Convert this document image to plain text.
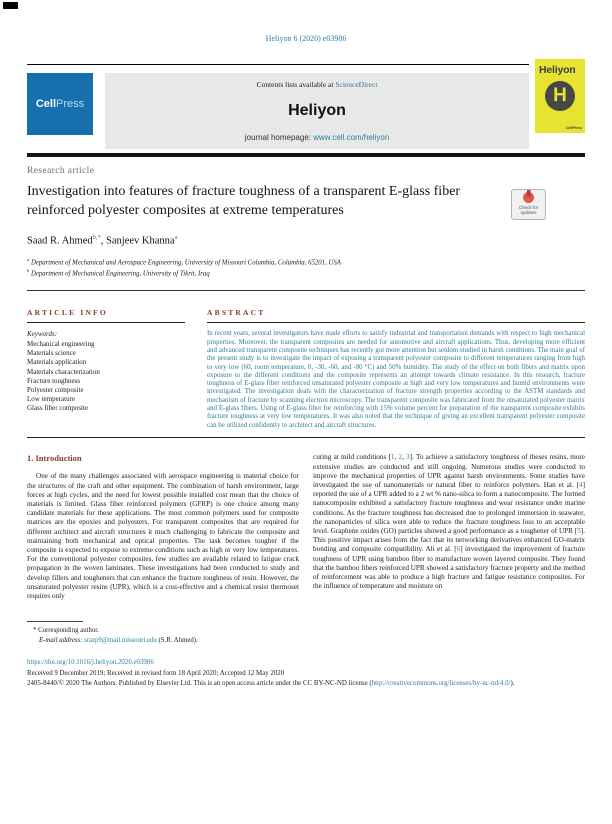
Heliyon 6 (2020) e03986
Cell Press
Contents lists available at ScienceDirect
Heliyon
journal homepage: www.cell.com/heliyon
Heliyon
H
CellPress
Research article
Investigation into features of fracture toughness of a transparent E-glass fiber reinforced polyester composites at extreme temperatures	Check for updates
Saad R. Ahmed$^{b,*}$, Sanjeev Khanna$^a$
$^a$ Department of Mechanical and Aerospace Engineering, University of Missouri Columbia, Columbia, 65201, USA
$^b$ Department of Mechanical Engineering, University of Tikrit, Iraq
ARTICLE INFO
Keywords:
Mechanical engineering
Materials science
Materials application
Materials characterization
Fracture toughness
Polyester composite
Low temperature
Glass fiber composite
ABSTRACT
In recent years, several investigators have made efforts to satisfy industrial and transportation demands with respect to high mechanical properties. Moreover, the transparent composites are needed for automotive and aircraft applications. Thus, developing more efficient and advanced transparent composite techniques has recently got more attention but seldom studied in harsh conditions. The main goal of the present study is to investigate the impact of exposing a transparent polyester composite to different temperatures ranging from high to very low (60, room temperature, 0, -30, -60, and -80 °C) and 50% humidity. The study of the effect on both fibers and matrix upon exposure to the different conditions and the composite represents an attempt towards climate resistance. In this research, fracture toughness of E-glass fiber reinforced unsaturated polyester composite at high and very low temperatures and humid environments were investigated. The investigation deals with the characterization of fracture strength properties according to the ASTM standards and mechanism of fracture by scanning electron microscopy. The transparent composite was fabricated from the unsaturated polyester matrix and E-glass fibers. Using of E-glass fiber for reinforcing with 15% volume percent for preparation of the transparent composite exhibits fracture toughness at very low temperatures. It was also noted that the technique of giving an excellent transparent polyester composite can be utilized confidently to architect and aircraft structures.
1. Introduction
One of the many challenges associated with aerospace engineering is material choice for the structures of the craft and other equipment. The combination of harsh environment, large forces at high cycles, and the need for lowest possible installed cost mean that the choice of materials is limited. Glass fiber reinforced polymers (GFRP) is one choice among many candidate materials for these applications. The most common polymers used for composite matrices are the epoxies and polyesters. For transparent composites that are required for different architect and aircraft structures it much challenging to fabricate the composite and maintaining both mechanical and optical properties. The task becomes tougher if the composite is expected to expose to extreme conditions such as high or very low temperatures. For the conventional polyester composites, few studies are available related to fatigue crack propagation in the woven laminates. These investigations had been conducted to study and develop fillers and tougheners that can enhance the fracture toughness of resin. However, the unsaturated polyester resins (UPR), which is a cost-effective and a chemical resist thermoset requires only
* Corresponding author.
E-mail address: srazp9@mail.missouri.edu (S.R. Ahmed).
curing at mild conditions [1, 2, 3]. To achieve a satisfactory toughness of theses resins, more extensive studies are conducted and still ongoing. Numerous studies were conducted to improve the mechanical properties of UPR against harsh environments. Some studies have investigated the use of nanomaterials or natural fiber to reinforce polymers. Han et al. [4] reported the use of a UPR added to a 2 wt % nano-silica to form a nanocomposite. The formed nanocomposite exhibited a satisfactory fracture toughness and wear resistance under marine conditions. As the fracture toughness has decreased due to prolonged immersion in seawater, the nanoparticles of silica were able to reduce the fracture toughness loss to an acceptable level. Graphene oxides (GO) particles showed a good performance as a toughener of UPR [5]. This positive impact arises from the fact that its networking derivatives enhanced GO-matrix bonding and composite compatibility. Ali et al. [6] investigated the improvement of fracture toughness of UPR using bamboo fiber to manufacture woven layered composite. They found that the bamboo fibers reinforced UPR showed a satisfactory fracture property and the method of reinforcement was able to produce a high fracture and fatigue resistance composites. For the influence of temperature and moisture on
https://doi.org/10.1016/j.heliyon.2020.e03986
Received 9 December 2019; Received in revised form 18 April 2020; Accepted 12 May 2020
2405-8440/© 2020 The Authors. Published by Elsevier Ltd. This is an open access article under the CC BY-NC-ND license (http://creativecommons.org/licenses/by-nc-nd/4.0/).
